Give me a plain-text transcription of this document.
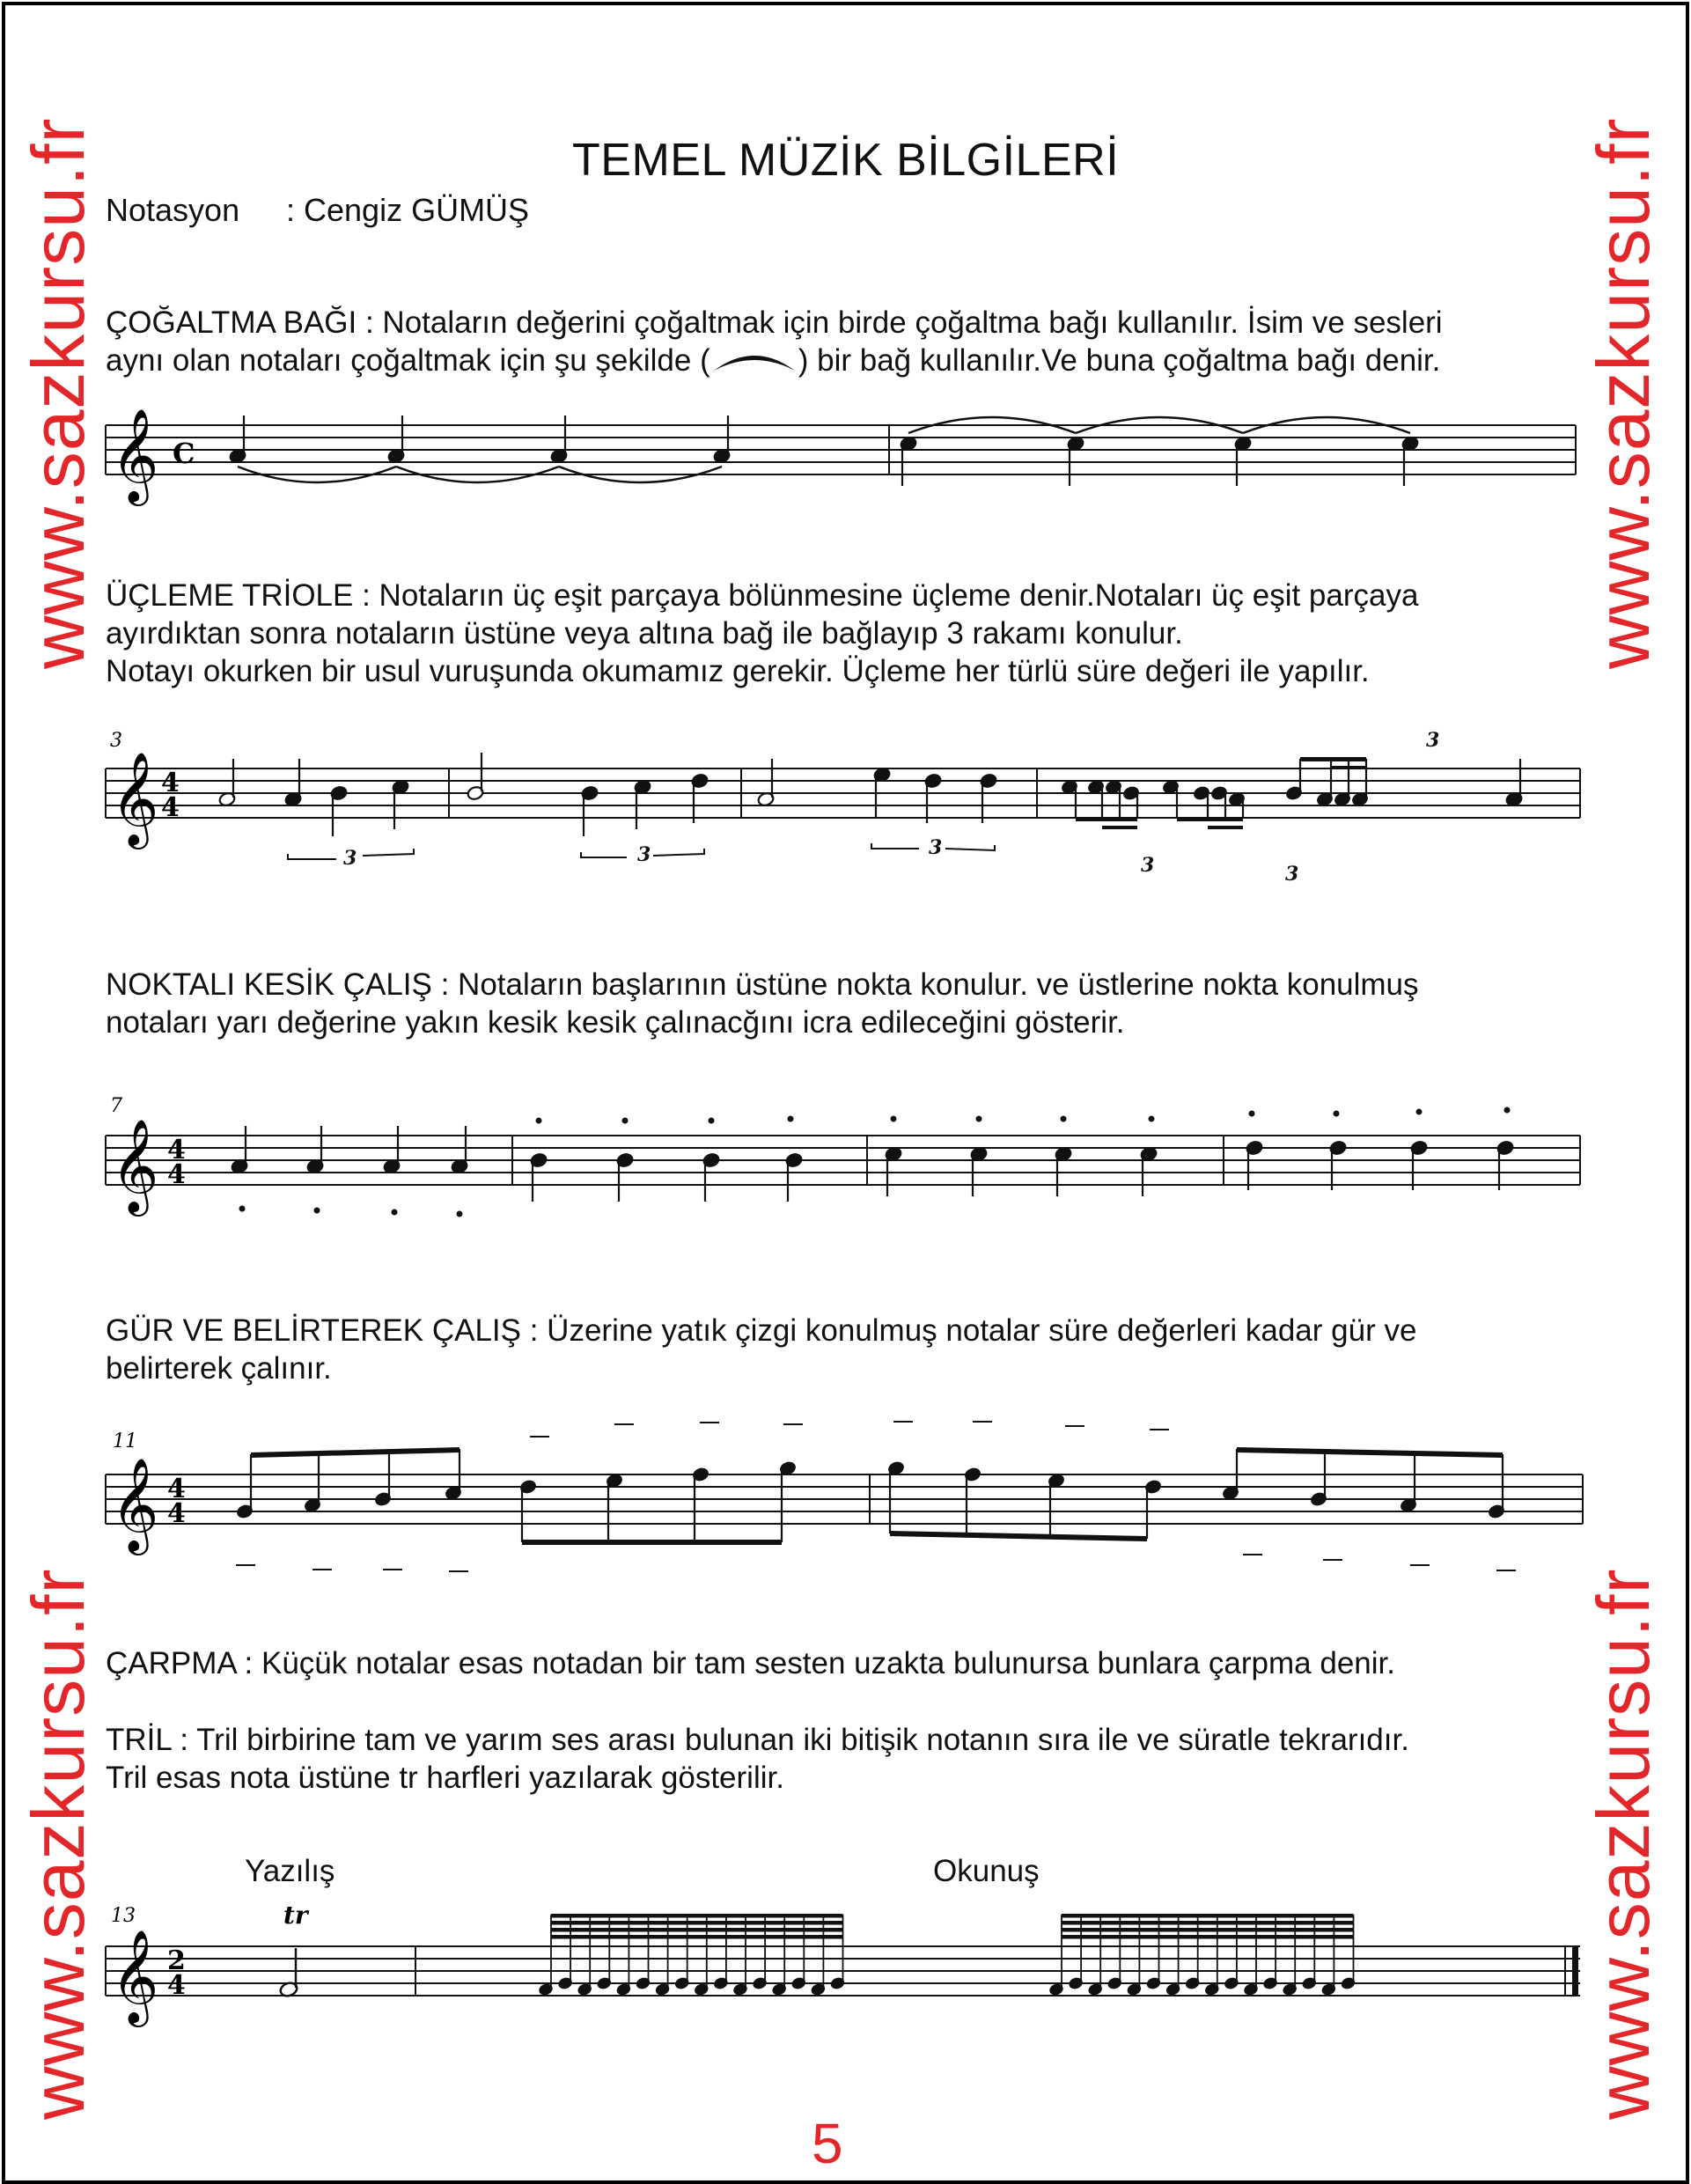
www.sazkursu.fr	www.sazkursu.fr
www.sazkursu.fr	www.sazkursu.fr
TEMEL MÜZİK BİLGİLERİ
Notasyon : Cengiz GÜMÜŞ
ÇOĞALTMA BAĞI : Notaların değerini çoğaltmak için birde çoğaltma bağı kullanılır. İsim ve sesleri
aynı olan notaları çoğaltmak için şu şekilde (	) bir bağ kullanılır.Ve buna çoğaltma bağı denir.
𝄞 C
ÜÇLEME TRİOLE : Notaların üç eşit parçaya bölünmesine üçleme denir.Notaları üç eşit parçaya
ayırdıktan sonra notaların üstüne veya altına bağ ile bağlayıp 3 rakamı konulur.
Notayı okurken bir usul vuruşunda okumamız gerekir. Üçleme her türlü süre değeri ile yapılır.
3
𝄞 4
4
3	3	3
3	3
3
NOKTALI KESİK ÇALIŞ : Notaların başlarının üstüne nokta konulur. ve üstlerine nokta konulmuş
notaları yarı değerine yakın kesik kesik çalınacğını icra edileceğini gösterir.
7
𝄞 4
4
GÜR VE BELİRTEREK ÇALIŞ : Üzerine yatık çizgi konulmuş notalar süre değerleri kadar gür ve
belirterek çalınır.
11
𝄞 4
4
ÇARPMA : Küçük notalar esas notadan bir tam sesten uzakta bulunursa bunlara çarpma denir.
TRİL : Tril birbirine tam ve yarım ses arası bulunan iki bitişik notanın sıra ile ve süratle tekrarıdır.
Tril esas nota üstüne tr harfleri yazılarak gösterilir.
Yazılış	Okunuş
13	tr
𝄞 2
4
5
